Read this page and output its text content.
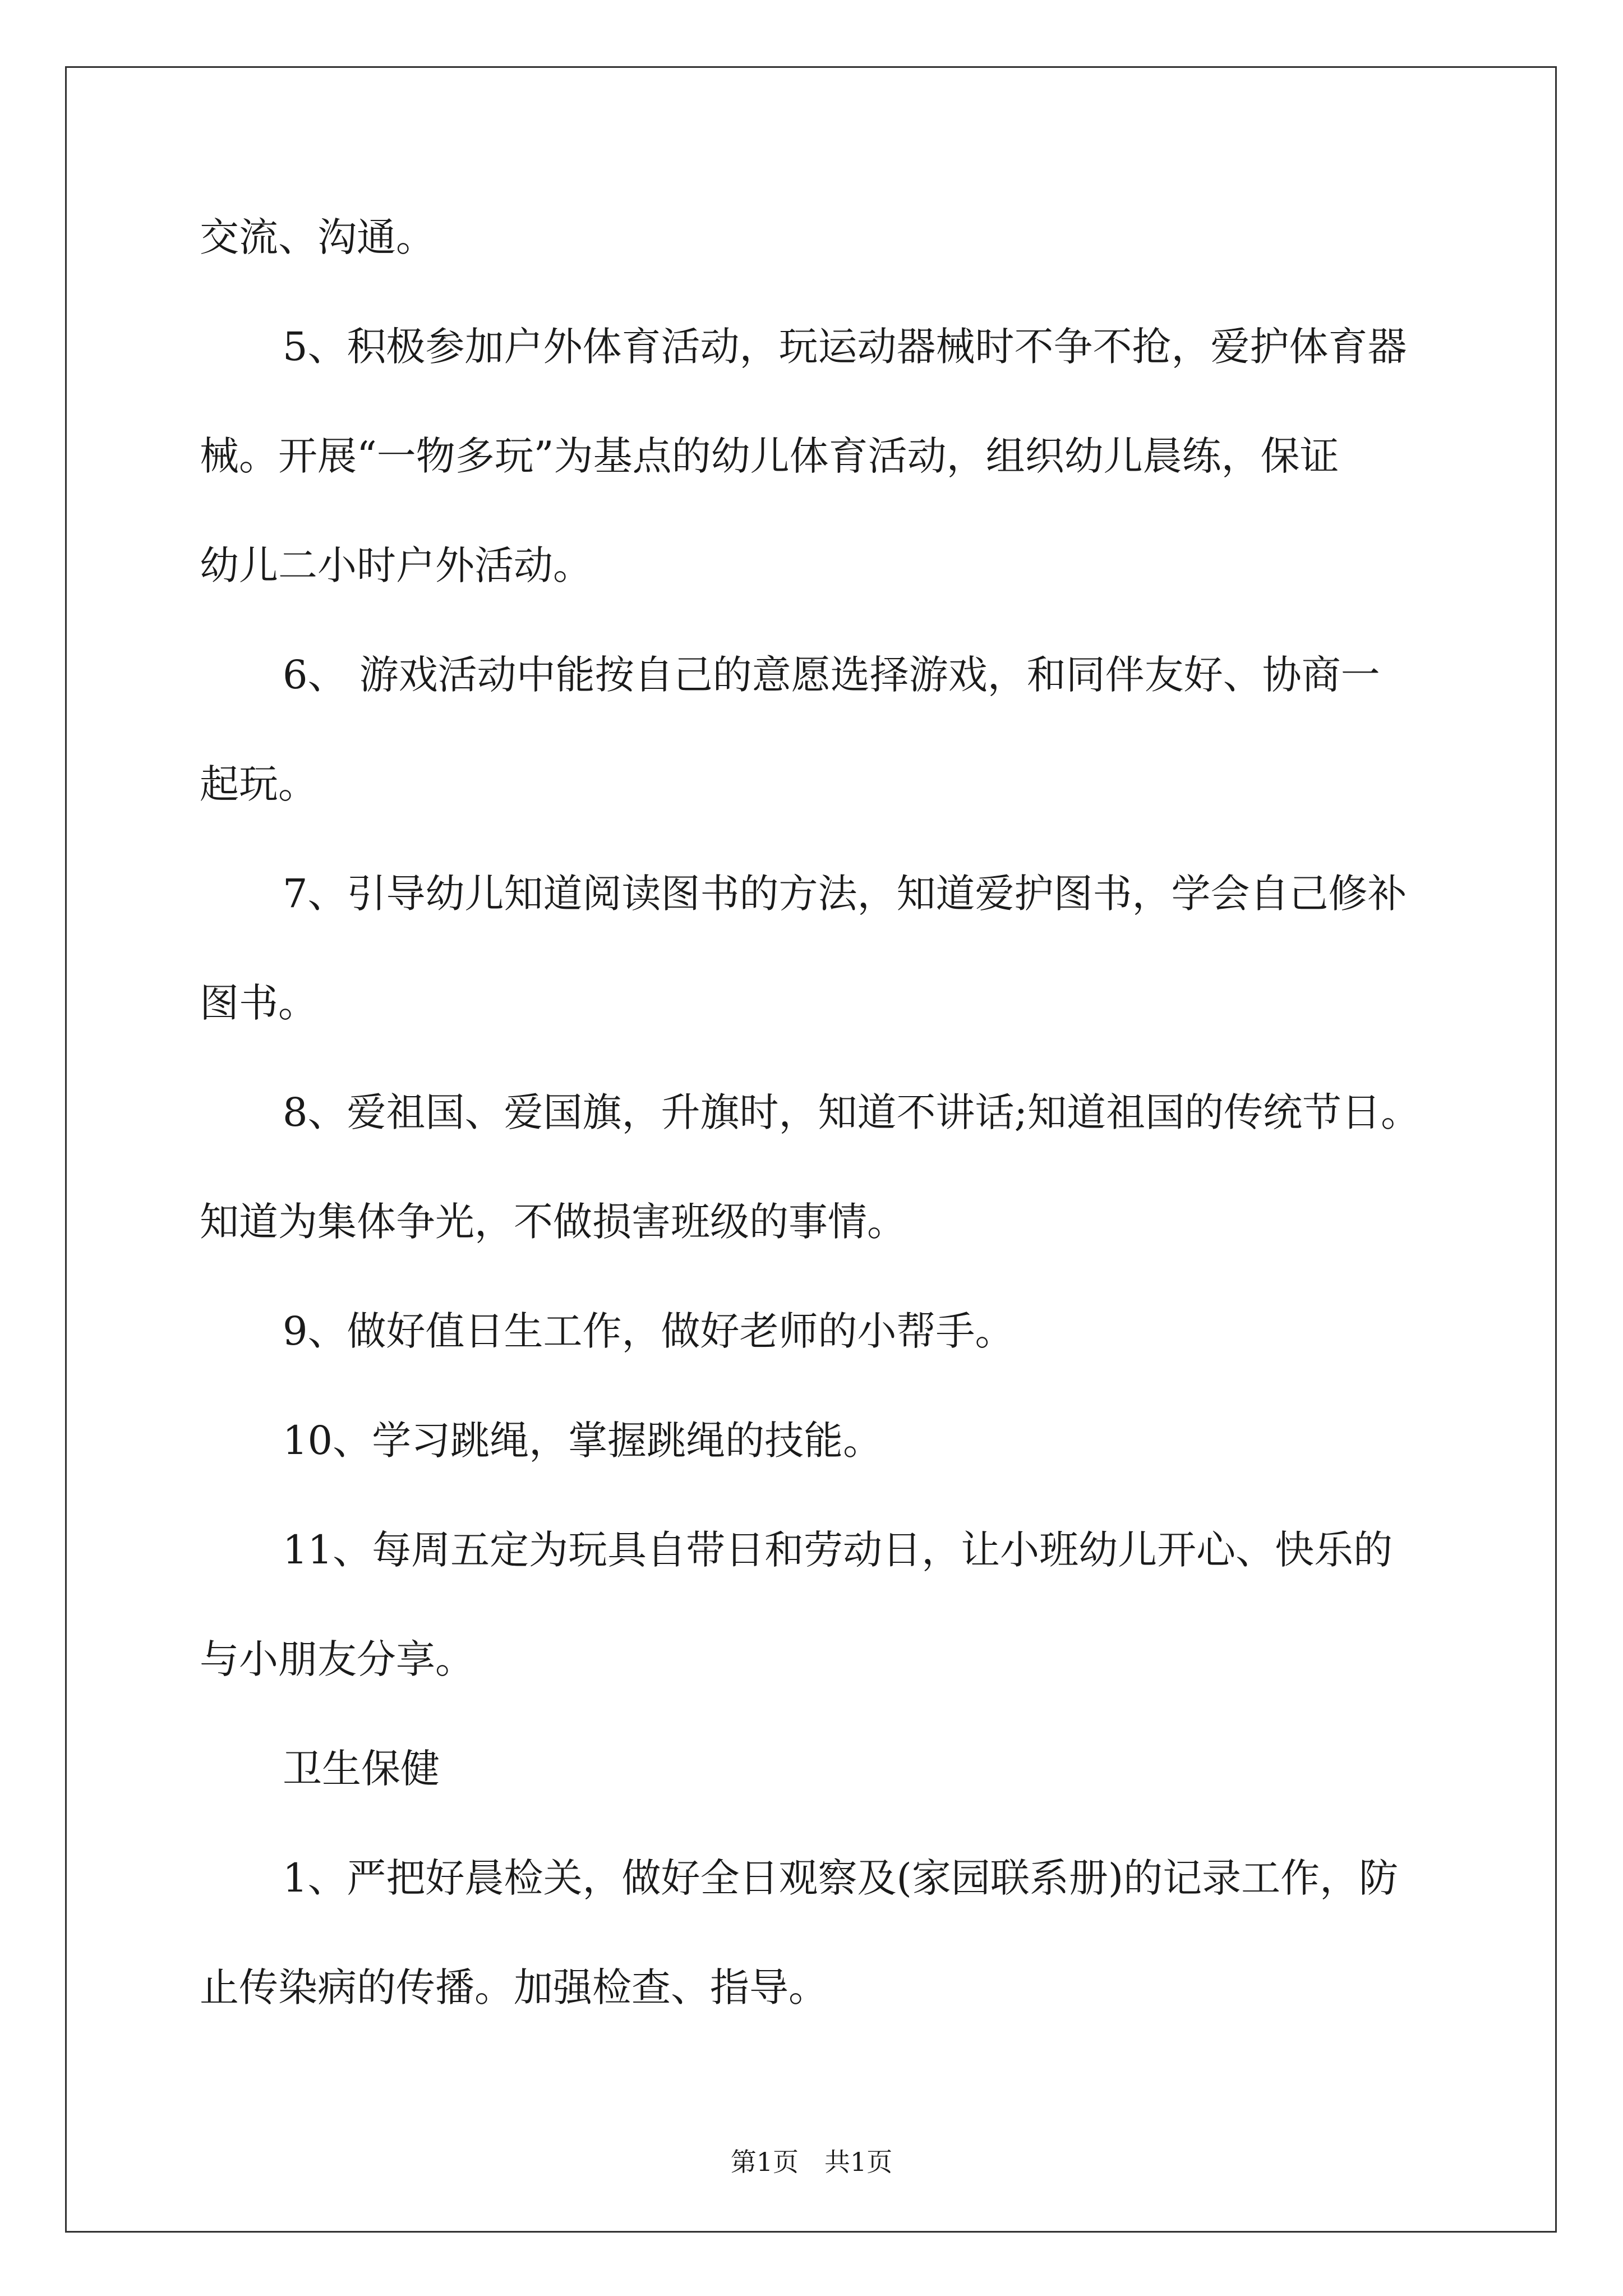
交流、沟通。
5、积极参加户外体育活动，玩运动器械时不争不抢，爱护体育器
械。开展“一物多玩”为基点的幼儿体育活动，组织幼儿晨练，保证
幼儿二小时户外活动。
6、 游戏活动中能按自己的意愿选择游戏，和同伴友好、协商一
起玩。
7、引导幼儿知道阅读图书的方法，知道爱护图书，学会自己修补
图书。
8、爱祖国、爱国旗，升旗时，知道不讲话;知道祖国的传统节日。
知道为集体争光，不做损害班级的事情。
9、做好值日生工作，做好老师的小帮手。
10、学习跳绳，掌握跳绳的技能。
11、每周五定为玩具自带日和劳动日，让小班幼儿开心、快乐的
与小朋友分享。
卫生保健
1、严把好晨检关，做好全日观察及(家园联系册)的记录工作，防
止传染病的传播。加强检查、指导。
第1页　共1页
